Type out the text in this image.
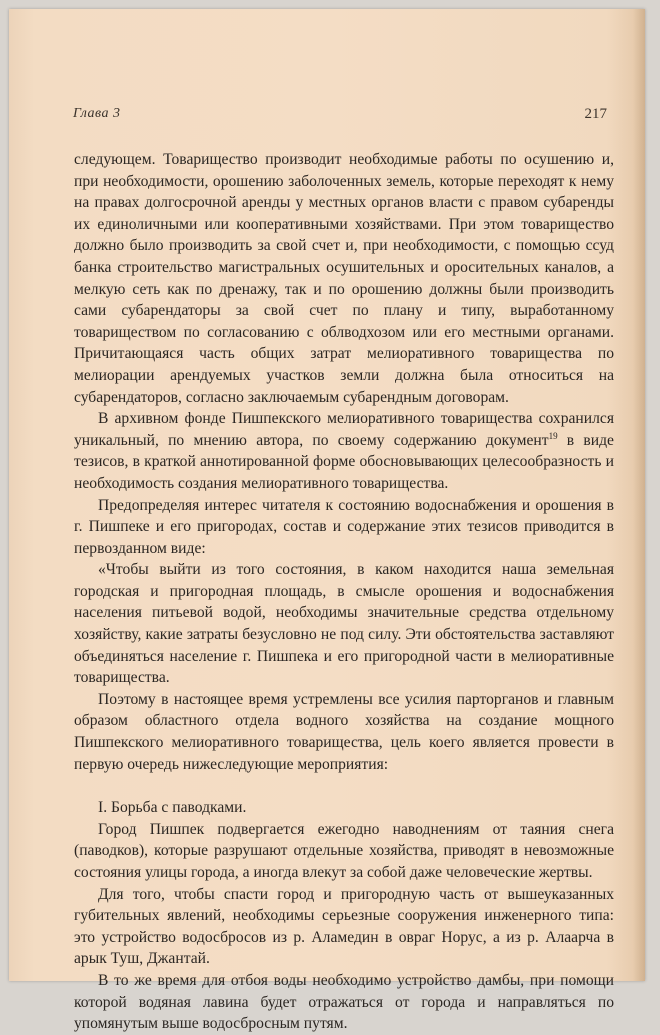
Глава 3	217

следующем. Товарищество производит необходимые работы по осушению и, при необходимости, орошению заболоченных земель, которые переходят к нему на правах долгосрочной аренды у местных органов власти с правом субаренды их единоличными или кооперативными хозяйствами. При этом товарищество должно было производить за свой счет и, при необходимости, с помощью ссуд банка строительство магистральных осушительных и оросительных каналов, а мелкую сеть как по дренажу, так и по орошению должны были производить сами субарендаторы за свой счет по плану и типу, выработанному товариществом по согласованию с облводхозом или его местными органами. Причитающаяся часть общих затрат мелиоративного товарищества по мелиорации арендуемых участков земли должна была относиться на субарендаторов, согласно заключаемым субарендным договорам.

В архивном фонде Пишпекского мелиоративного товарищества сохранился уникальный, по мнению автора, по своему содержанию документ$^{19}$ в виде тезисов, в краткой аннотированной форме обосновывающих целесообразность и необходимость создания мелиоративного товарищества.

Предопределяя интерес читателя к состоянию водоснабжения и орошения в г. Пишпеке и его пригородах, состав и содержание этих тезисов приводится в первозданном виде:

«Чтобы выйти из того состояния, в каком находится наша земельная городская и пригородная площадь, в смысле орошения и водоснабжения населения питьевой водой, необходимы значительные средства отдельному хозяйству, какие затраты безусловно не под силу. Эти обстоятельства заставляют объединяться население г. Пишпека и его пригородной части в мелиоративные товарищества.

Поэтому в настоящее время устремлены все усилия парторганов и главным образом областного отдела водного хозяйства на создание мощного Пишпекского мелиоративного товарищества, цель коего является провести в первую очередь нижеследующие мероприятия:

I. Борьба с паводками.

Город Пишпек подвергается ежегодно наводнениям от таяния снега (паводков), которые разрушают отдельные хозяйства, приводят в невозможные состояния улицы города, а иногда влекут за собой даже человеческие жертвы.

Для того, чтобы спасти город и пригородную часть от вышеуказанных губительных явлений, необходимы серьезные сооружения инженерного типа: это устройство водосбросов из р. Аламедин в овраг Норус, а из р. Алаарча в арык Туш, Джантай.

В то же время для отбоя воды необходимо устройство дамбы, при помощи которой водяная лавина будет отражаться от города и направляться по упомянутым выше водосбросным путям.
